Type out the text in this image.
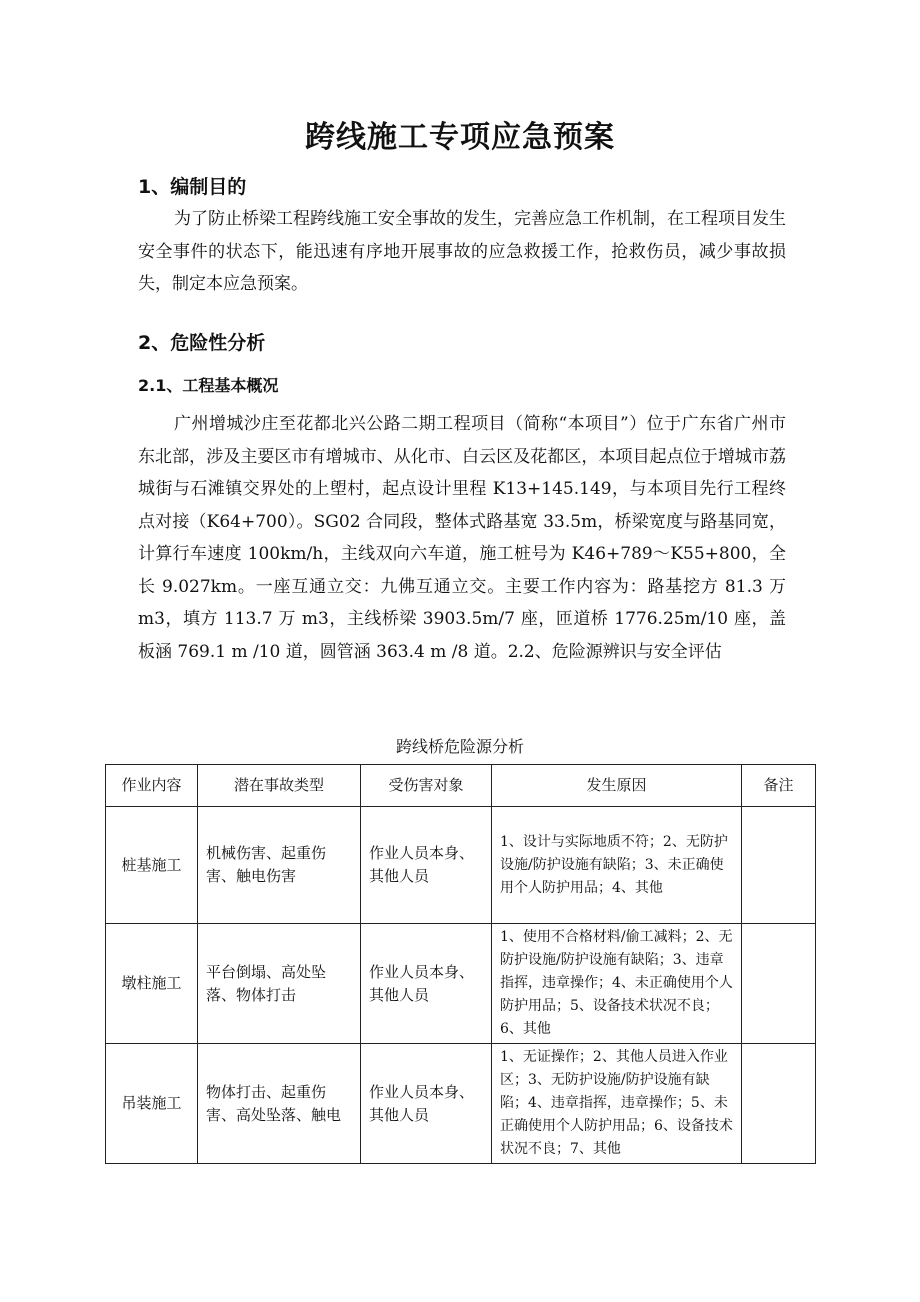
跨线施工专项应急预案
1、编制目的

为了防止桥梁工程跨线施工安全事故的发生，完善应急工作机制，在工程项目发生安全事件的状态下，能迅速有序地开展事故的应急救援工作，抢救伤员，减少事故损失，制定本应急预案。

2、危险性分析
2.1、工程基本概况

广州增城沙庄至花都北兴公路二期工程项目（简称“本项目”）位于广东省广州市东北部，涉及主要区市有增城市、从化市、白云区及花都区，本项目起点位于增城市荔城街与石滩镇交界处的上塱村，起点设计里程 K13+145.149，与本项目先行工程终点对接（K64+700）。SG02 合同段，整体式路基宽 33.5m，桥梁宽度与路基同宽，计算行车速度 100km/h，主线双向六车道，施工桩号为 K46+789～K55+800，全长 9.027km。一座互通立交：九佛互通立交。主要工作内容为：路基挖方 81.3 万 m3，填方 113.7 万 m3，主线桥梁 3903.5m/7 座，匝道桥 1776.25m/10 座，盖板涵 769.1 m /10 道，圆管涵 363.4 m /8 道。2.2、危险源辨识与安全评估

跨线桥危险源分析

作业内容	潜在事故类型	受伤害对象	发生原因	备注
桩基施工	机械伤害、起重伤害、触电伤害	作业人员本身、其他人员	1、设计与实际地质不符；2、无防护设施/防护设施有缺陷；3、未正确使用个人防护用品；4、其他	
墩柱施工	平台倒塌、高处坠落、物体打击	作业人员本身、其他人员	1、使用不合格材料/偷工减料；2、无防护设施/防护设施有缺陷；3、违章指挥，违章操作；4、未正确使用个人防护用品；5、设备技术状况不良；6、其他	
吊装施工	物体打击、起重伤害、高处坠落、触电	作业人员本身、其他人员	1、无证操作；2、其他人员进入作业区；3、无防护设施/防护设施有缺陷；4、违章指挥，违章操作；5、未正确使用个人防护用品；6、设备技术状况不良；7、其他	
